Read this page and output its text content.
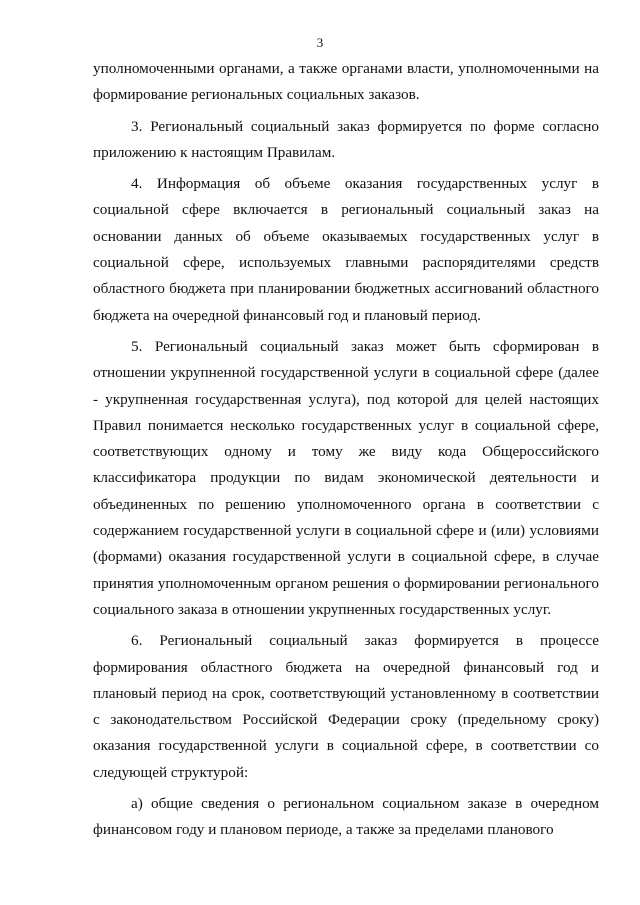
3

уполномоченными органами, а также органами власти, уполномоченными на формирование региональных социальных заказов.

3. Региональный социальный заказ формируется по форме согласно приложению к настоящим Правилам.

4. Информация об объеме оказания государственных услуг в социальной сфере включается в региональный социальный заказ на основании данных об объеме оказываемых государственных услуг в социальной сфере, используемых главными распорядителями средств областного бюджета при планировании бюджетных ассигнований областного бюджета на очередной финансовый год и плановый период.

5. Региональный социальный заказ может быть сформирован в отношении укрупненной государственной услуги в социальной сфере (далее - укрупненная государственная услуга), под которой для целей настоящих Правил понимается несколько государственных услуг в социальной сфере, соответствующих одному и тому же виду кода Общероссийского классификатора продукции по видам экономической деятельности и объединенных по решению уполномоченного органа в соответствии с содержанием государственной услуги в социальной сфере и (или) условиями (формами) оказания государственной услуги в социальной сфере, в случае принятия уполномоченным органом решения о формировании регионального социального заказа в отношении укрупненных государственных услуг.

6. Региональный социальный заказ формируется в процессе формирования областного бюджета на очередной финансовый год и плановый период на срок, соответствующий установленному в соответствии с законодательством Российской Федерации сроку (предельному сроку) оказания государственной услуги в социальной сфере, в соответствии со следующей структурой:

а) общие сведения о региональном социальном заказе в очередном финансовом году и плановом периоде, а также за пределами планового
